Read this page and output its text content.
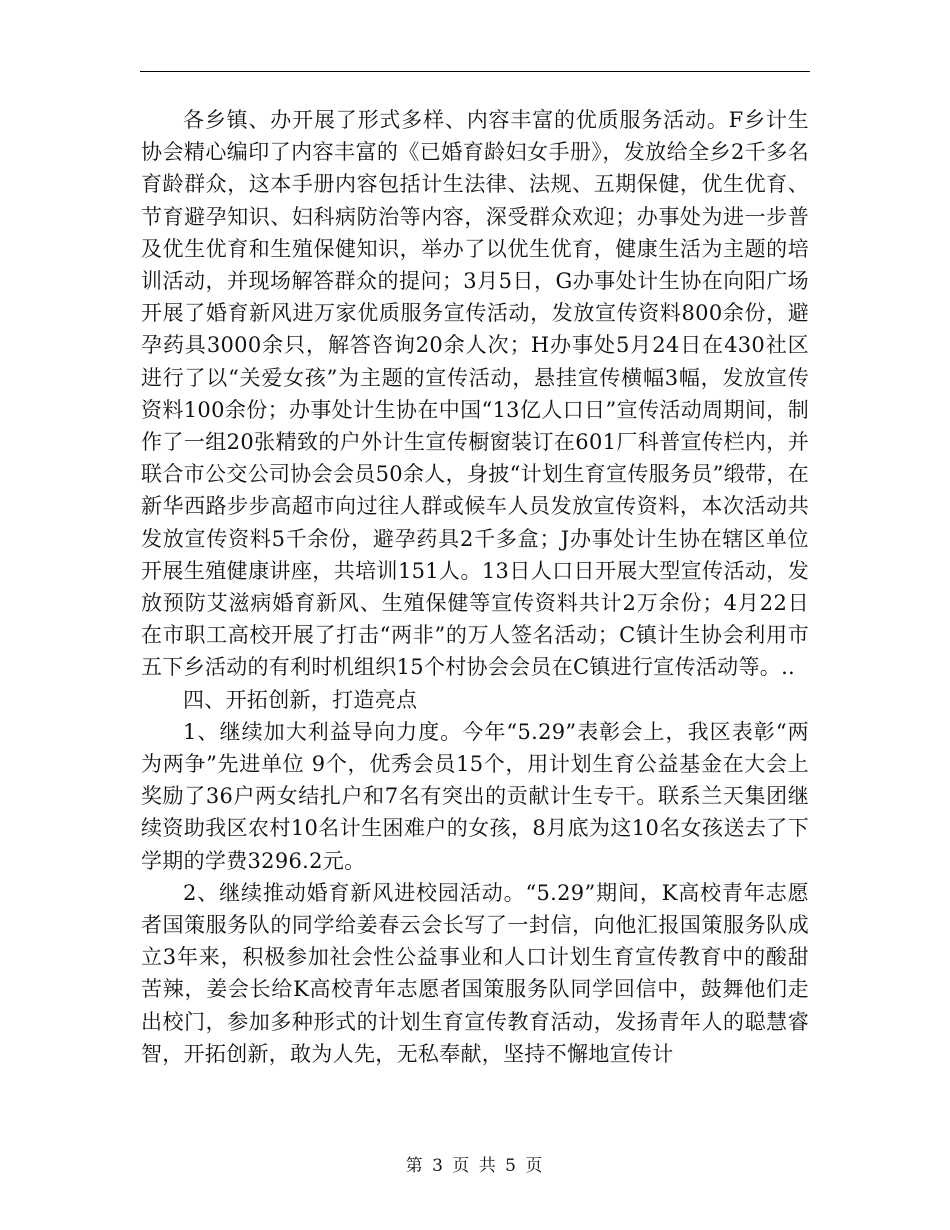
各乡镇、办开展了形式多样、内容丰富的优质服务活动。F乡计生协会精心编印了内容丰富的《已婚育龄妇女手册》，发放给全乡2千多名育龄群众，这本手册内容包括计生法律、法规、五期保健，优生优育、节育避孕知识、妇科病防治等内容，深受群众欢迎；办事处为进一步普及优生优育和生殖保健知识，举办了以优生优育，健康生活为主题的培训活动，并现场解答群众的提问；3月5日，G办事处计生协在向阳广场开展了婚育新风进万家优质服务宣传活动，发放宣传资料800余份，避孕药具3000余只，解答咨询20余人次；H办事处5月24日在430社区进行了以“关爱女孩”为主题的宣传活动，悬挂宣传横幅3幅，发放宣传资料100余份；办事处计生协在中国“13亿人口日”宣传活动周期间，制作了一组20张精致的户外计生宣传橱窗装订在601厂科普宣传栏内，并联合市公交公司协会会员50余人，身披“计划生育宣传服务员”缎带，在新华西路步步高超市向过往人群或候车人员发放宣传资料，本次活动共发放宣传资料5千余份，避孕药具2千多盒；J办事处计生协在辖区单位开展生殖健康讲座，共培训151人。13日人口日开展大型宣传活动，发放预防艾滋病婚育新风、生殖保健等宣传资料共计2万余份；4月22日在市职工高校开展了打击“两非”的万人签名活动；C镇计生协会利用市五下乡活动的有利时机组织15个村协会会员在C镇进行宣传活动等。..

四、开拓创新，打造亮点

1、继续加大利益导向力度。今年“5.29”表彰会上，我区表彰“两为两争”先进单位 9个，优秀会员15个，用计划生育公益基金在大会上奖励了36户两女结扎户和7名有突出的贡献计生专干。联系兰天集团继续资助我区农村10名计生困难户的女孩，8月底为这10名女孩送去了下学期的学费3296.2元。

2、继续推动婚育新风进校园活动。“5.29”期间，K高校青年志愿者国策服务队的同学给姜春云会长写了一封信，向他汇报国策服务队成立3年来，积极参加社会性公益事业和人口计划生育宣传教育中的酸甜苦辣，姜会长给K高校青年志愿者国策服务队同学回信中，鼓舞他们走出校门，参加多种形式的计划生育宣传教育活动，发扬青年人的聪慧睿智，开拓创新，敢为人先，无私奉献，坚持不懈地宣传计

第 3 页 共 5 页
